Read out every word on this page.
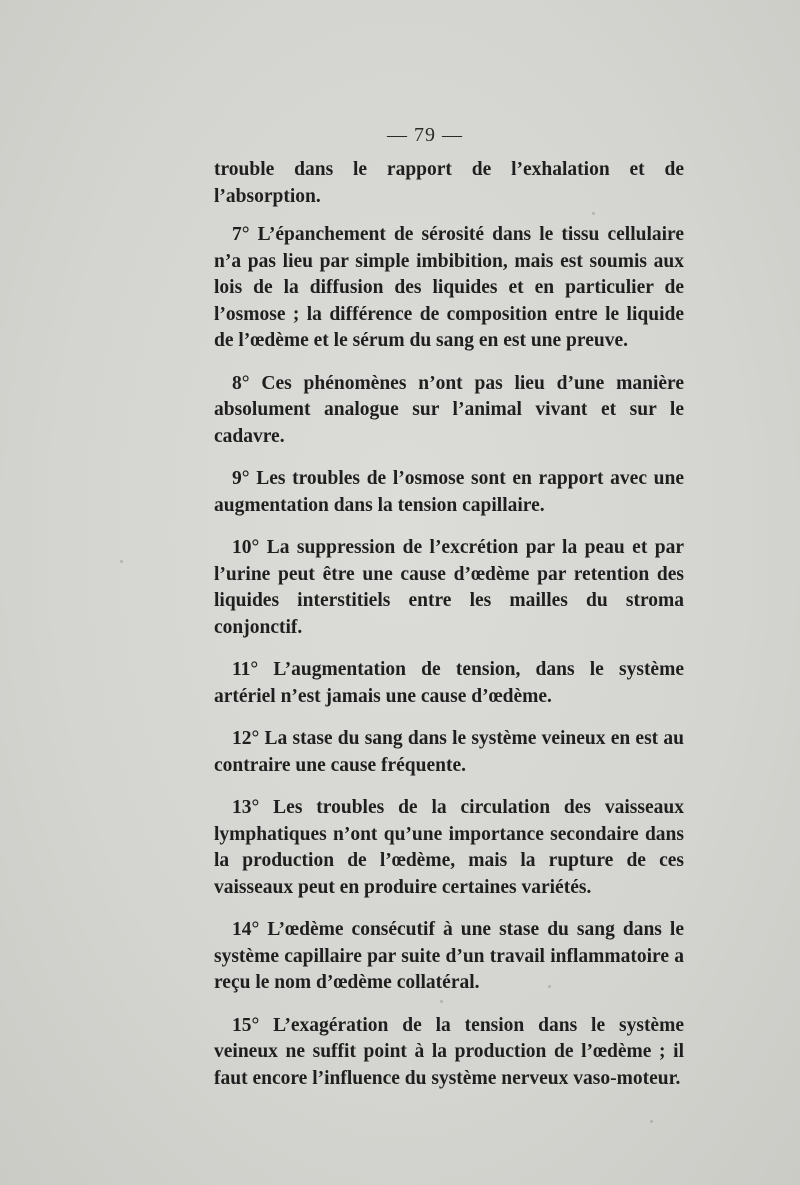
— 79 —

trouble dans le rapport de l’exhalation et de l’absorption.

7° L’épanchement de sérosité dans le tissu cellulaire n’a pas lieu par simple imbibition, mais est soumis aux lois de la diffusion des liquides et en particulier de l’osmose ; la différence de composition entre le liquide de l’œdème et le sérum du sang en est une preuve.

8° Ces phénomènes n’ont pas lieu d’une manière absolument analogue sur l’animal vivant et sur le cadavre.

9° Les troubles de l’osmose sont en rapport avec une augmentation dans la tension capillaire.

10° La suppression de l’excrétion par la peau et par l’urine peut être une cause d’œdème par retention des liquides interstitiels entre les mailles du stroma conjonctif.

11° L’augmentation de tension, dans le système artériel n’est jamais une cause d’œdème.

12° La stase du sang dans le système veineux en est au contraire une cause fréquente.

13° Les troubles de la circulation des vaisseaux lymphatiques n’ont qu’une importance secondaire dans la production de l’œdème, mais la rupture de ces vaisseaux peut en produire certaines variétés.

14° L’œdème consécutif à une stase du sang dans le système capillaire par suite d’un travail inflammatoire a reçu le nom d’œdème collatéral.

15° L’exagération de la tension dans le système veineux ne suffit point à la production de l’œdème ; il faut encore l’influence du système nerveux vaso-moteur.
